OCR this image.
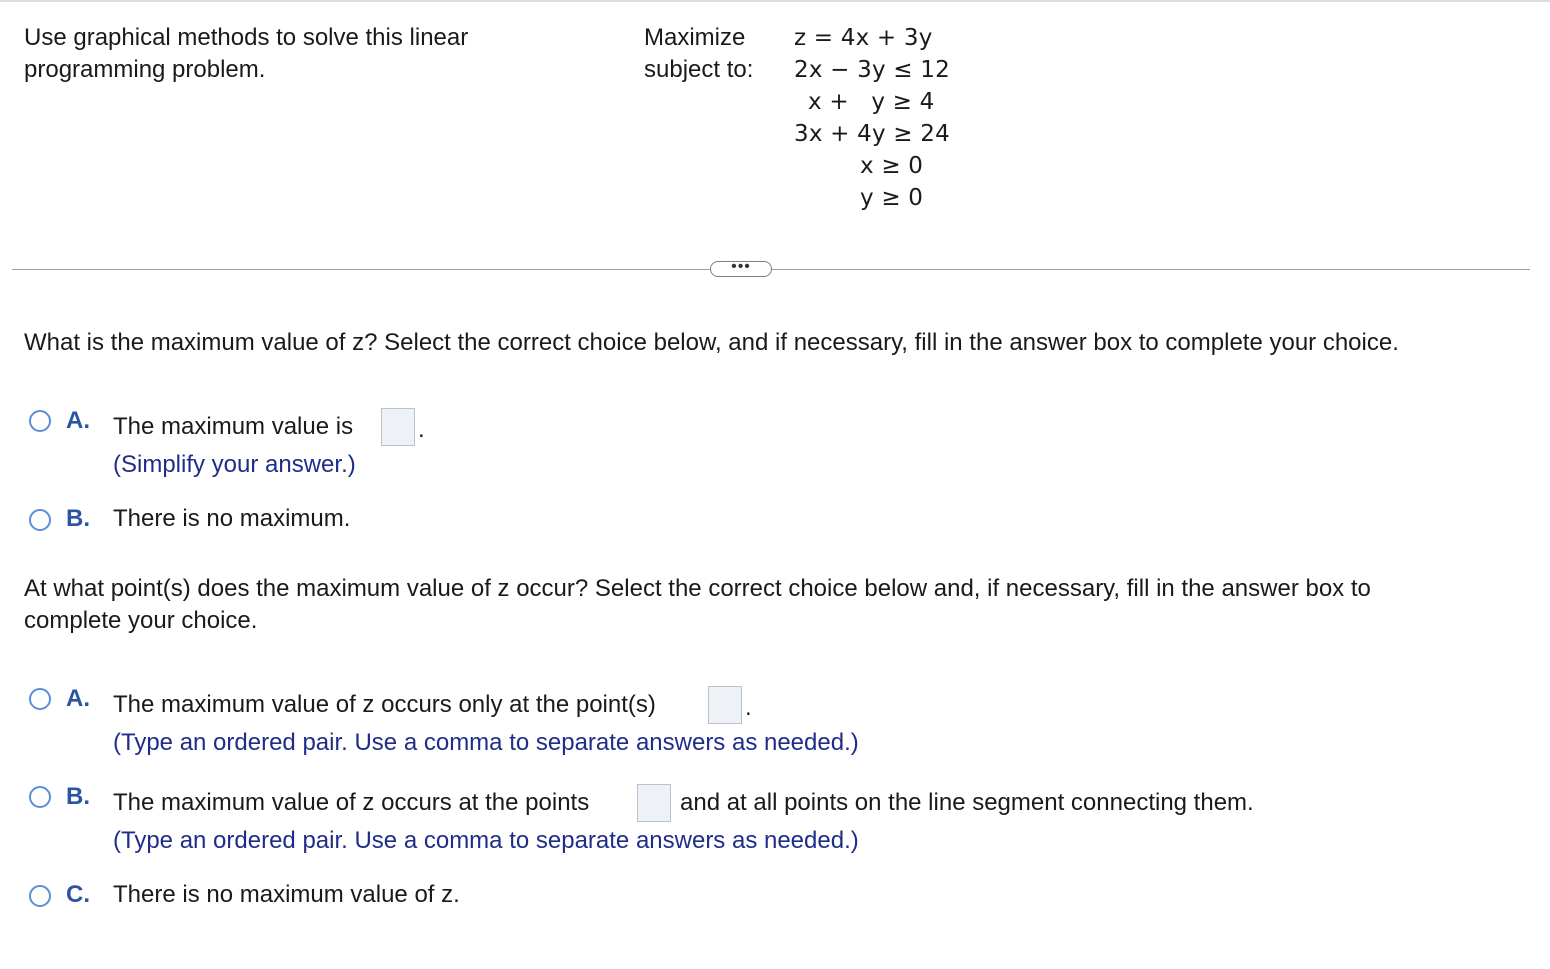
Use graphical methods to solve this linear
programming problem.
Maximize
subject to:
z = 4x + 3y
2x − 3y ≤ 12
x +   y ≥ 4
3x + 4y ≥ 24
x ≥ 0
y ≥ 0
•••
What is the maximum value of z? Select the correct choice below, and if necessary, fill in the answer box to complete your choice.
A. The maximum value is	.
(Simplify your answer.)
B. There is no maximum.
At what point(s) does the maximum value of z occur? Select the correct choice below and, if necessary, fill in the answer box to
complete your choice.
A. The maximum value of z occurs only at the point(s)	.
(Type an ordered pair. Use a comma to separate answers as needed.)
B. The maximum value of z occurs at the points	and at all points on the line segment connecting them.
(Type an ordered pair. Use a comma to separate answers as needed.)
C. There is no maximum value of z.
